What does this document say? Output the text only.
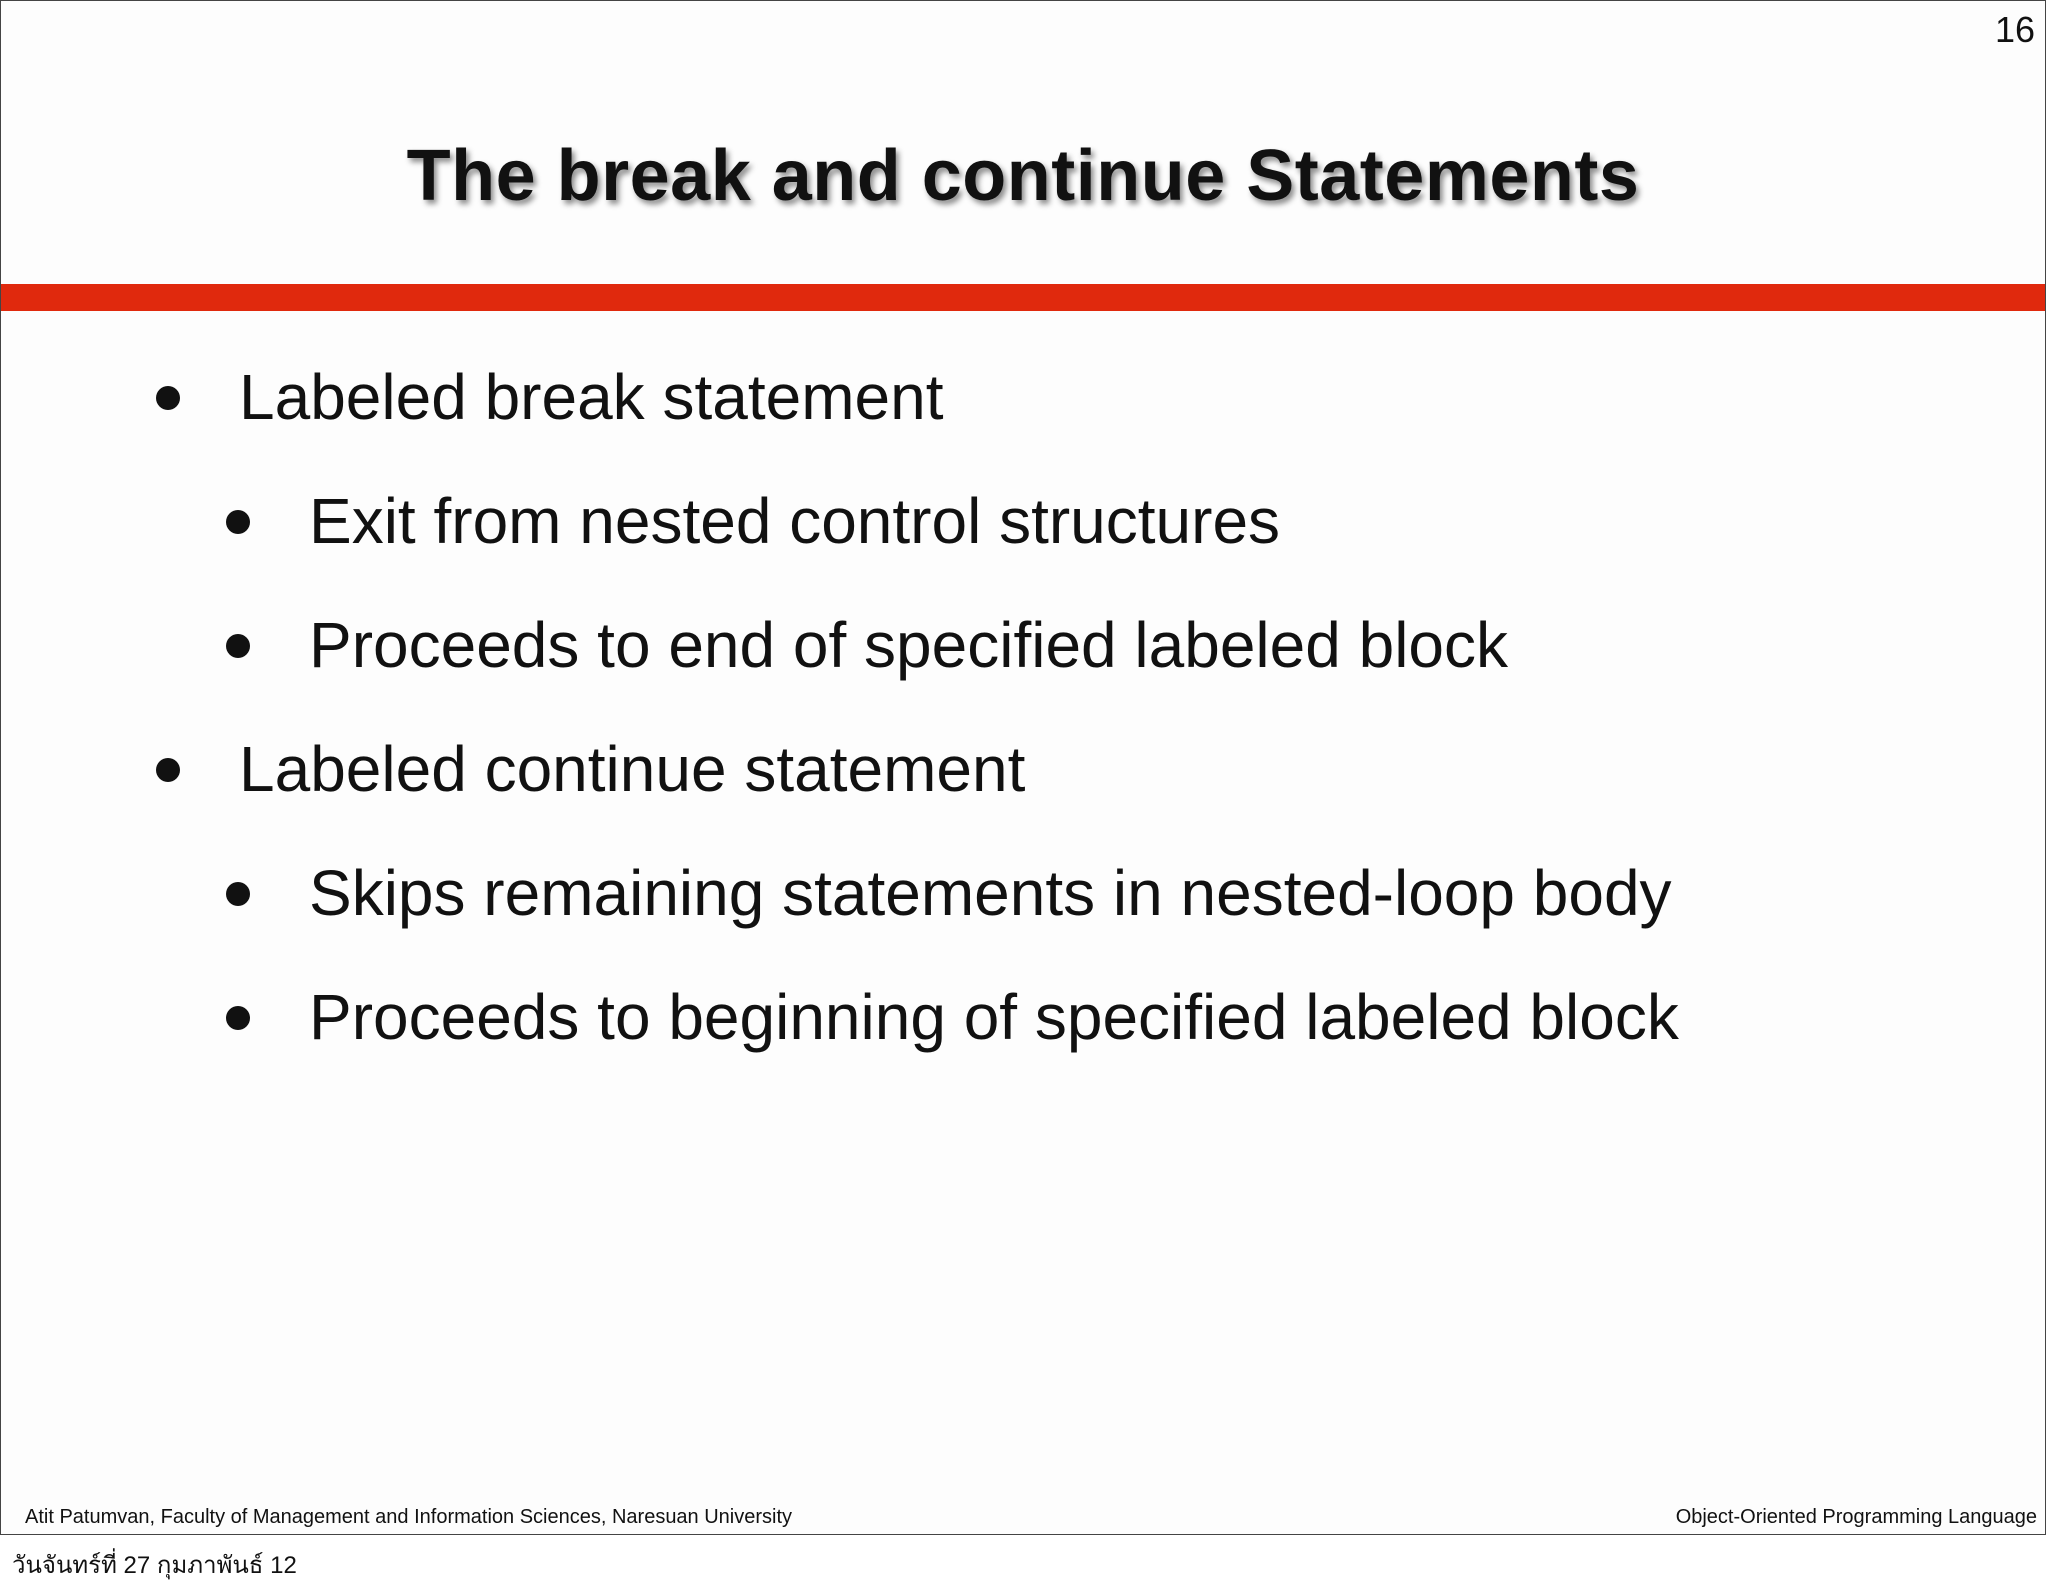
16
The break and continue Statements
Labeled break statement
Exit from nested control structures
Proceeds to end of specified labeled block
Labeled continue statement
Skips remaining statements in nested-loop body
Proceeds to beginning of specified labeled block
Atit Patumvan, Faculty of Management and Information Sciences, Naresuan University	Object-Oriented Programming Language
วันจันทร์ที่ 27 กุมภาพันธ์ 12
